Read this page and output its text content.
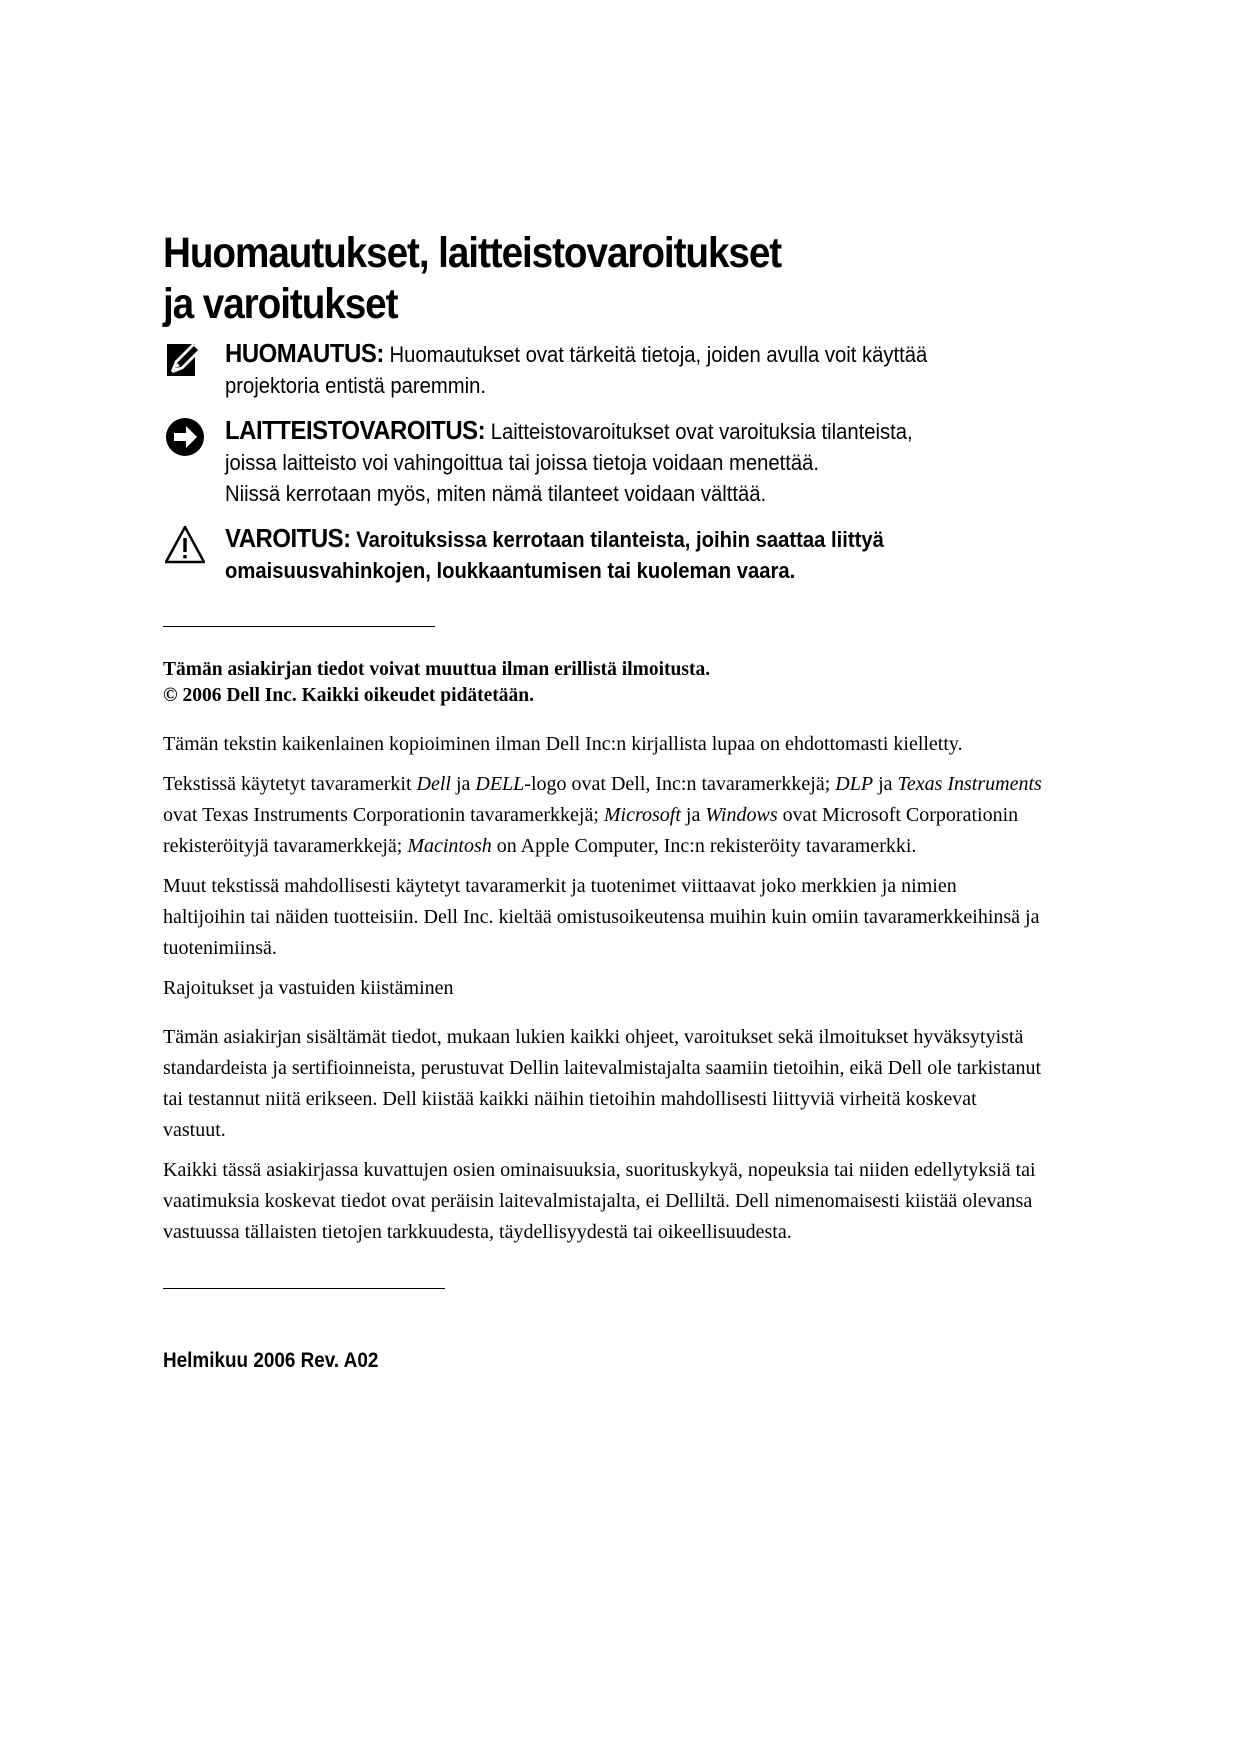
Huomautukset, laitteistovaroitukset
ja varoitukset
HUOMAUTUS: Huomautukset ovat tärkeitä tietoja, joiden avulla voit käyttää
projektoria entistä paremmin.
LAITTEISTOVAROITUS: Laitteistovaroitukset ovat varoituksia tilanteista,
joissa laitteisto voi vahingoittua tai joissa tietoja voidaan menettää.
Niissä kerrotaan myös, miten nämä tilanteet voidaan välttää.
VAROITUS: Varoituksissa kerrotaan tilanteista, joihin saattaa liittyä
omaisuusvahinkojen, loukkaantumisen tai kuoleman vaara.
Tämän asiakirjan tiedot voivat muuttua ilman erillistä ilmoitusta.
© 2006 Dell Inc. Kaikki oikeudet pidätetään.

Tämän tekstin kaikenlainen kopioiminen ilman Dell Inc:n kirjallista lupaa on ehdottomasti kielletty.

Tekstissä käytetyt tavaramerkit Dell ja DELL-logo ovat Dell, Inc:n tavaramerkkejä; DLP ja Texas Instruments ovat Texas Instruments Corporationin tavaramerkkejä; Microsoft ja Windows ovat Microsoft Corporationin rekisteröityjä tavaramerkkejä; Macintosh on Apple Computer, Inc:n rekisteröity tavaramerkki.

Muut tekstissä mahdollisesti käytetyt tavaramerkit ja tuotenimet viittaavat joko merkkien ja nimien haltijoihin tai näiden tuotteisiin. Dell Inc. kieltää omistusoikeutensa muihin kuin omiin tavaramerkkeihinsä ja tuotenimiinsä.

Rajoitukset ja vastuiden kiistäminen

Tämän asiakirjan sisältämät tiedot, mukaan lukien kaikki ohjeet, varoitukset sekä ilmoitukset hyväksytyistä standardeista ja sertifioinneista, perustuvat Dellin laitevalmistajalta saamiin tietoihin, eikä Dell ole tarkistanut tai testannut niitä erikseen. Dell kiistää kaikki näihin tietoihin mahdollisesti liittyviä virheitä koskevat vastuut.

Kaikki tässä asiakirjassa kuvattujen osien ominaisuuksia, suorituskykyä, nopeuksia tai niiden edellytyksiä tai vaatimuksia koskevat tiedot ovat peräisin laitevalmistajalta, ei Delliltä. Dell nimenomaisesti kiistää olevansa vastuussa tällaisten tietojen tarkkuudesta, täydellisyydestä tai oikeellisuudesta.

Helmikuu 2006 Rev. A02
